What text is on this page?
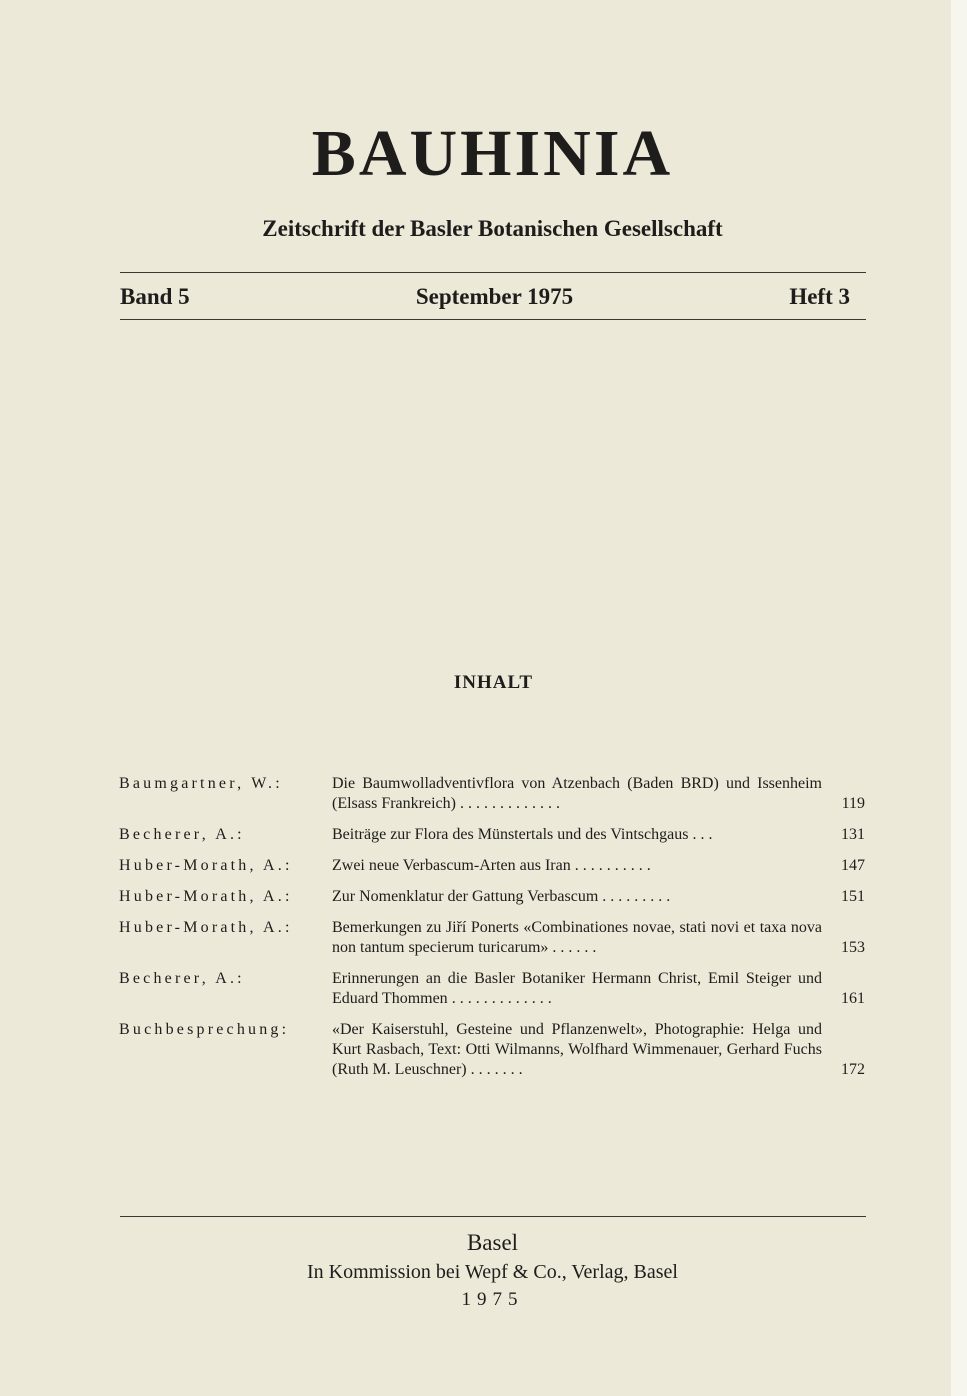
BAUHINIA
Zeitschrift der Basler Botanischen Gesellschaft
Band 5	September 1975	Heft 3
INHALT
Baumgartner, W.:	Die Baumwolladventivflora von Atzenbach (Baden BRD) und Issenheim (Elsass Frankreich) .............	119
Becherer, A.:	Beiträge zur Flora des Münstertals und des Vintschgaus ...	131
Huber-Morath, A.: Zwei neue Verbascum-Arten aus Iran ..........	147
Huber-Morath, A.: Zur Nomenklatur der Gattung Verbascum .........	151
Huber-Morath, A.: Bemerkungen zu Jiří Ponerts «Combinationes novae, stati novi et taxa nova non tantum specierum turicarum» ......	153
Becherer, A.:	Erinnerungen an die Basler Botaniker Hermann Christ, Emil Steiger und Eduard Thommen .............	161
Buchbesprechung:	«Der Kaiserstuhl, Gesteine und Pflanzenwelt», Photographie: Helga und Kurt Rasbach, Text: Otti Wilmanns, Wolfhard Wimmenauer, Gerhard Fuchs (Ruth M. Leuschner) .......	172
Basel
In Kommission bei Wepf & Co., Verlag, Basel
1975
